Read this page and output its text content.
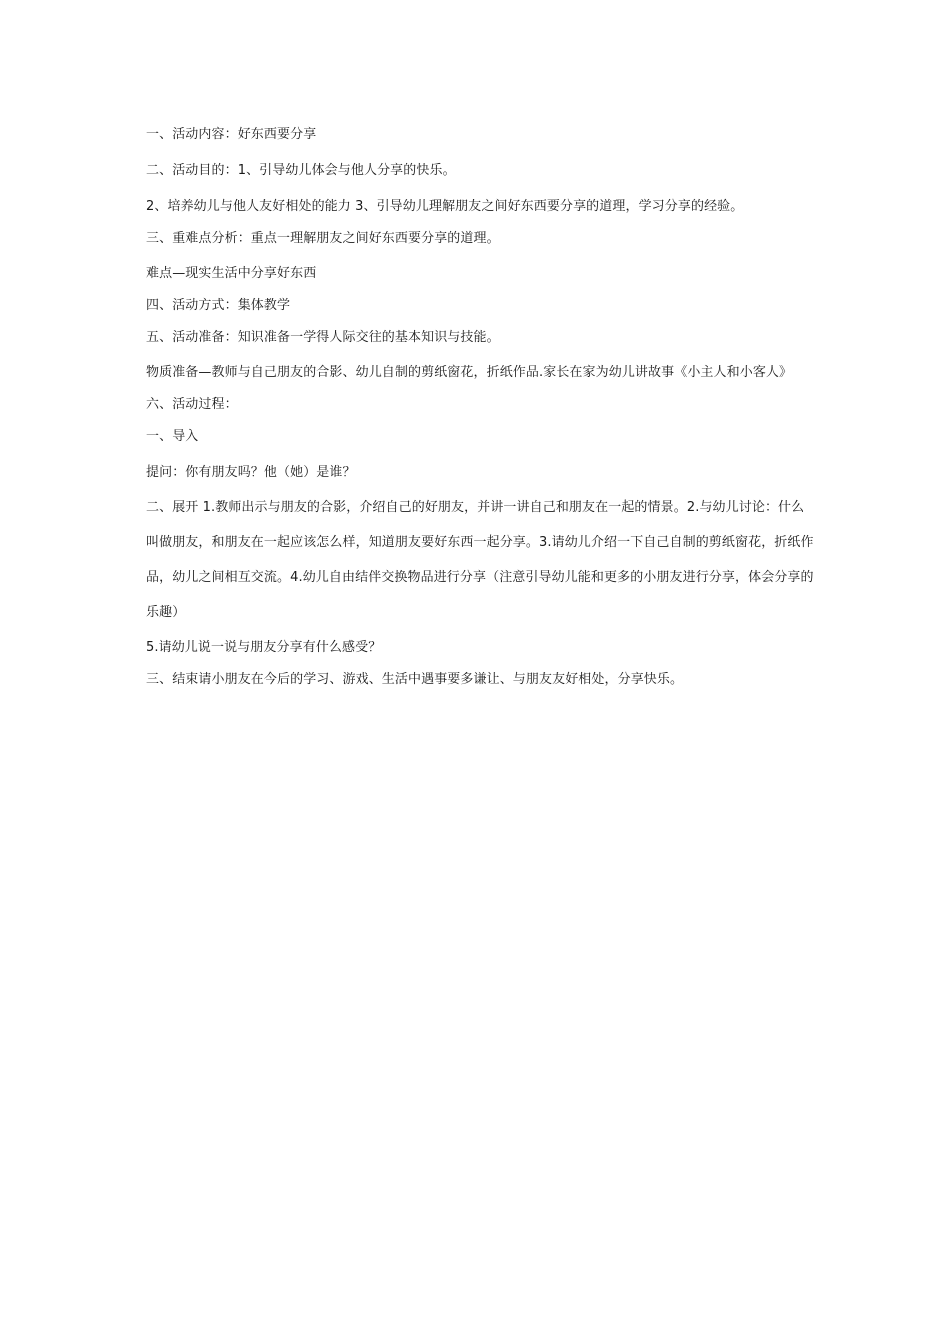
一、活动内容：好东西要分享
二、活动目的：1、引导幼儿体会与他人分享的快乐。
2、培养幼儿与他人友好相处的能力 3、引导幼儿理解朋友之间好东西要分享的道理，学习分享的经验。
三、重难点分析：重点一理解朋友之间好东西要分享的道理。
难点—现实生活中分享好东西
四、活动方式：集体教学
五、活动准备：知识准备一学得人际交往的基本知识与技能。
物质准备—教师与自己朋友的合影、幼儿自制的剪纸窗花，折纸作品.家长在家为幼儿讲故事《小主人和小客人》
六、活动过程：
一、导入
提问：你有朋友吗？他（她）是谁？
二、展开 1.教师出示与朋友的合影，介绍自己的好朋友，并讲一讲自己和朋友在一起的情景。2.与幼儿讨论：什么叫做朋友，和朋友在一起应该怎么样，知道朋友要好东西一起分享。3.请幼儿介绍一下自己自制的剪纸窗花，折纸作品，幼儿之间相互交流。4.幼儿自由结伴交换物品进行分享（注意引导幼儿能和更多的小朋友进行分享，体会分享的乐趣）
5.请幼儿说一说与朋友分享有什么感受？
三、结束请小朋友在今后的学习、游戏、生活中遇事要多谦让、与朋友友好相处，分享快乐。
